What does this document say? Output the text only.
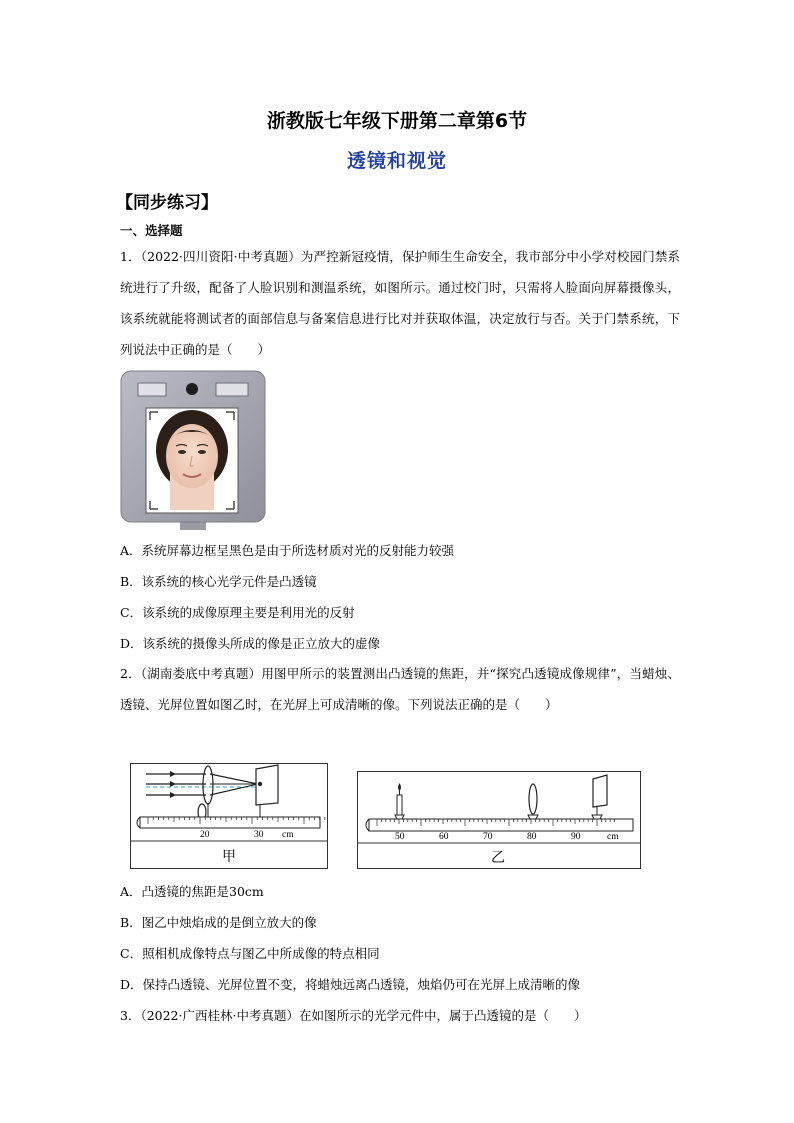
浙教版七年级下册第二章第6节
透镜和视觉
【同步练习】
一、选择题
1．（2022·四川资阳·中考真题）为严控新冠疫情，保护师生生命安全，我市部分中小学对校园门禁系统进行了升级，配备了人脸识别和测温系统，如图所示。通过校门时，只需将人脸面向屏幕摄像头，该系统就能将测试者的面部信息与备案信息进行比对并获取体温，决定放行与否。关于门禁系统，下列说法中正确的是（　　）
A．系统屏幕边框呈黑色是由于所选材质对光的反射能力较强
B．该系统的核心光学元件是凸透镜
C．该系统的成像原理主要是利用光的反射
D．该系统的摄像头所成的像是正立放大的虚像
2．（湖南娄底中考真题）用图甲所示的装置测出凸透镜的焦距，并“探究凸透镜成像规律”，当蜡烛、透镜、光屏位置如图乙时，在光屏上可成清晰的像。下列说法正确的是（　　）
20	30 cm
甲
50	60	70	80	90	cm
乙
A．凸透镜的焦距是30cm
B．图乙中烛焰成的是倒立放大的像
C．照相机成像特点与图乙中所成像的特点相同
D．保持凸透镜、光屏位置不变，将蜡烛远离凸透镜，烛焰仍可在光屏上成清晰的像
3．（2022·广西桂林·中考真题）在如图所示的光学元件中，属于凸透镜的是（　　）
